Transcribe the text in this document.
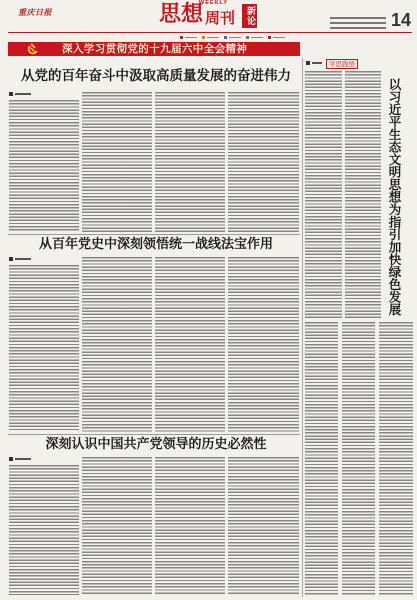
重庆日报
WEEKLY
思想 周刊	新论	14
深入学习贯彻党的十九届六中全会精神
从党的百年奋斗中汲取高质量发展的奋进伟力
从百年党史中深刻领悟统一战线法宝作用
深刻认识中国共产党领导的历史必然性
学思践悟
以习近平生态文明思想为指引加快绿色发展
